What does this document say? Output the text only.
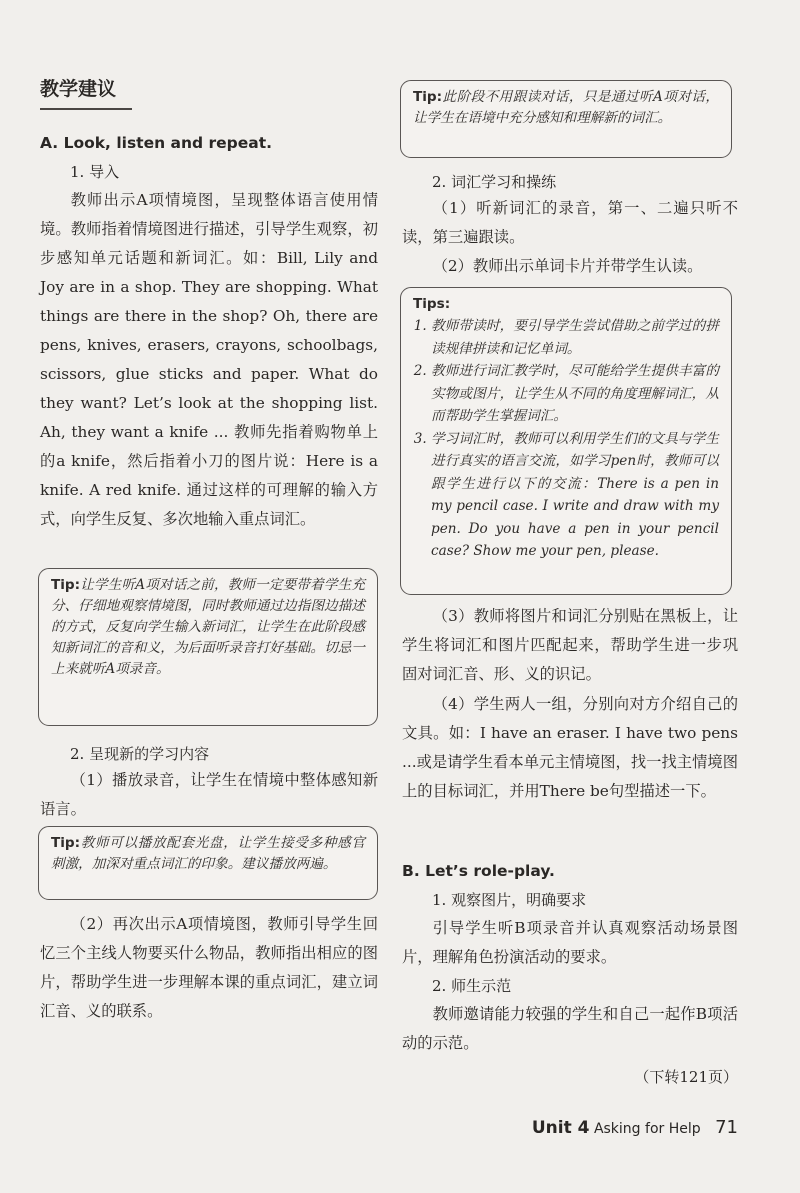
教学建议

A. Look, listen and repeat.

1. 导入

教师出示A项情境图，呈现整体语言使用情境。教师指着情境图进行描述，引导学生观察，初步感知单元话题和新词汇。如：Bill, Lily and Joy are in a shop. They are shopping. What things are there in the shop? Oh, there are pens, knives, erasers, crayons, schoolbags, scissors, glue sticks and paper. What do they want? Let’s look at the shopping list. Ah, they want a knife ... 教师先指着购物单上的a knife，然后指着小刀的图片说：Here is a knife. A red knife. 通过这样的可理解的输入方式，向学生反复、多次地输入重点词汇。

Tip:让学生听A项对话之前，教师一定要带着学生充分、仔细地观察情境图，同时教师通过边指图边描述的方式，反复向学生输入新词汇，让学生在此阶段感知新词汇的音和义，为后面听录音打好基础。切忌一上来就听A项录音。

2. 呈现新的学习内容

（1）播放录音，让学生在情境中整体感知新语言。

Tip:教师可以播放配套光盘，让学生接受多种感官刺激，加深对重点词汇的印象。建议播放两遍。

（2）再次出示A项情境图，教师引导学生回忆三个主线人物要买什么物品，教师指出相应的图片，帮助学生进一步理解本课的重点词汇，建立词汇音、义的联系。

Tip:此阶段不用跟读对话，只是通过听A项对话，让学生在语境中充分感知和理解新的词汇。

2. 词汇学习和操练

（1）听新词汇的录音，第一、二遍只听不读，第三遍跟读。

（2）教师出示单词卡片并带学生认读。

Tips:

1. 教师带读时，要引导学生尝试借助之前学过的拼读规律拼读和记忆单词。
2. 教师进行词汇教学时，尽可能给学生提供丰富的实物或图片，让学生从不同的角度理解词汇，从而帮助学生掌握词汇。
3. 学习词汇时，教师可以利用学生们的文具与学生进行真实的语言交流，如学习pen时，教师可以跟学生进行以下的交流：There is a pen in my pencil case. I write and draw with my pen. Do you have a pen in your pencil case? Show me your pen, please.

（3）教师将图片和词汇分别贴在黑板上，让学生将词汇和图片匹配起来，帮助学生进一步巩固对词汇音、形、义的识记。

（4）学生两人一组，分别向对方介绍自己的文具。如：I have an eraser. I have two pens ...或是请学生看本单元主情境图，找一找主情境图上的目标词汇，并用There be句型描述一下。

B. Let’s role-play.

1. 观察图片，明确要求

引导学生听B项录音并认真观察活动场景图片，理解角色扮演活动的要求。

2. 师生示范

教师邀请能力较强的学生和自己一起作B项活动的示范。

（下转121页）
Unit 4 Asking for Help 71
